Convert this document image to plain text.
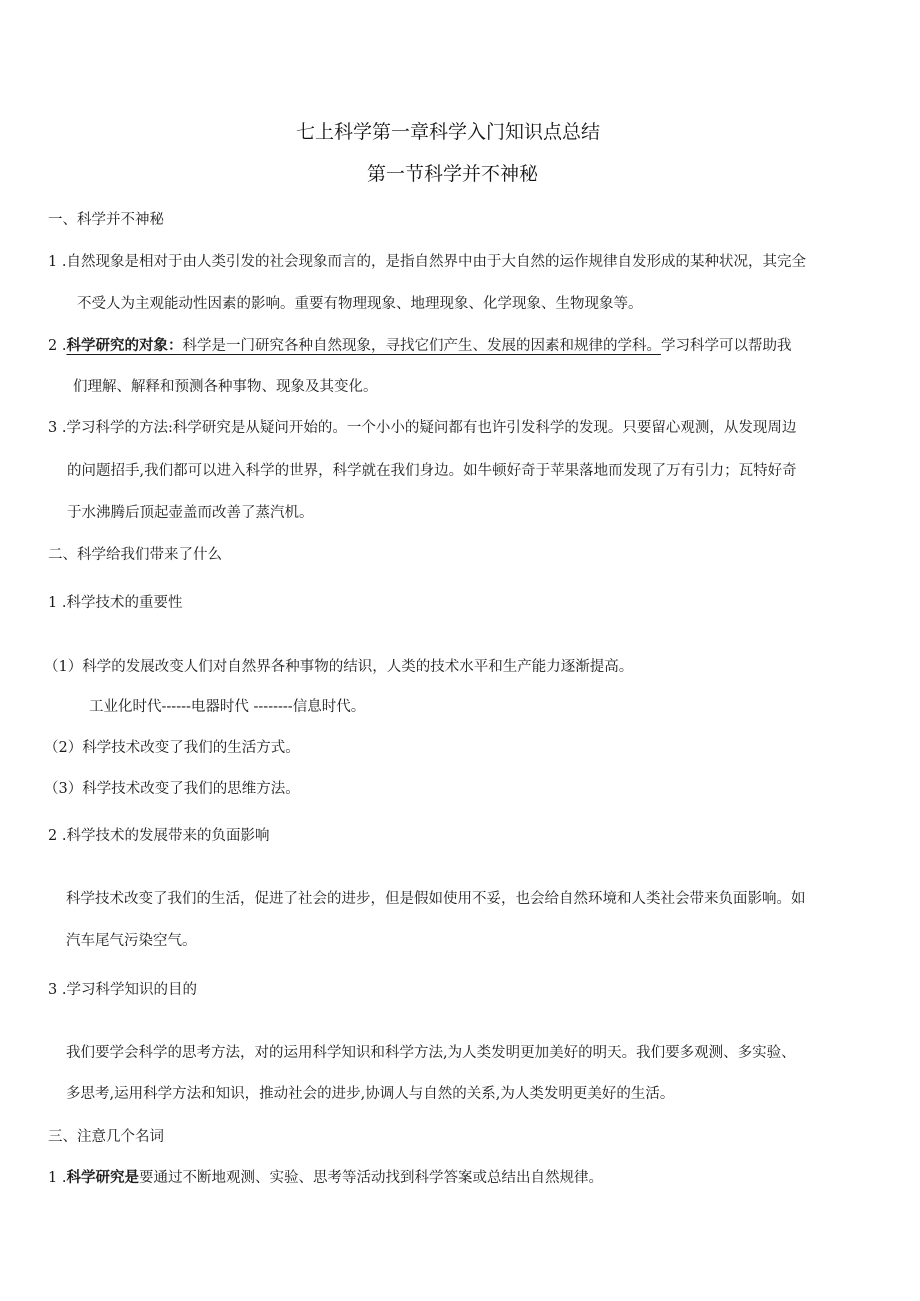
七上科学第一章科学入门知识点总结
第一节科学并不神秘
一、科学并不神秘
1 .自然现象是相对于由人类引发的社会现象而言的，是指自然界中由于大自然的运作规律自发形成的某种状况，其完全
不受人为主观能动性因素的影响。重要有物理现象、地理现象、化学现象、生物现象等。
2 .科学研究的对象：科学是一门研究各种自然现象，寻找它们产生、发展的因素和规律的学科。学习科学可以帮助我
们理解、解释和预测各种事物、现象及其变化。
3 .学习科学的方法:科学研究是从疑问开始的。一个小小的疑问都有也许引发科学的发现。只要留心观测，从发现周边
的问题招手,我们都可以进入科学的世界，科学就在我们身边。如牛顿好奇于苹果落地而发现了万有引力；瓦特好奇
于水沸腾后顶起壶盖而改善了蒸汽机。
二、科学给我们带来了什么
1 .科学技术的重要性
（1）科学的发展改变人们对自然界各种事物的结识，人类的技术水平和生产能力逐渐提高。
工业化时代------电器时代 --------信息时代。
（2）科学技术改变了我们的生活方式。
（3）科学技术改变了我们的思维方法。
2 .科学技术的发展带来的负面影响
科学技术改变了我们的生活，促进了社会的进步，但是假如使用不妥，也会给自然环境和人类社会带来负面影响。如
汽车尾气污染空气。
3 .学习科学知识的目的
我们要学会科学的思考方法，对的运用科学知识和科学方法,为人类发明更加美好的明天。我们要多观测、多实验、
多思考,运用科学方法和知识，推动社会的进步,协调人与自然的关系,为人类发明更美好的生活。
三、注意几个名词
1 .科学研究是要通过不断地观测、实验、思考等活动找到科学答案或总结出自然规律。
